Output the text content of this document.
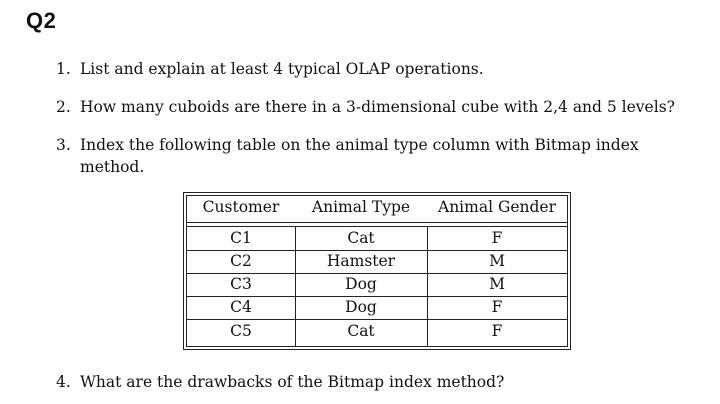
Q2
1. List and explain at least 4 typical OLAP operations.
2. How many cuboids are there in a 3-dimensional cube with 2,4 and 5 levels?
3. Index the following table on the animal type column with Bitmap index
method.
Customer	Animal Type	Animal Gender
C1	Cat	F
C2	Hamster	M
C3	Dog	M
C4	Dog	F
C5	Cat	F
4. What are the drawbacks of the Bitmap index method?
